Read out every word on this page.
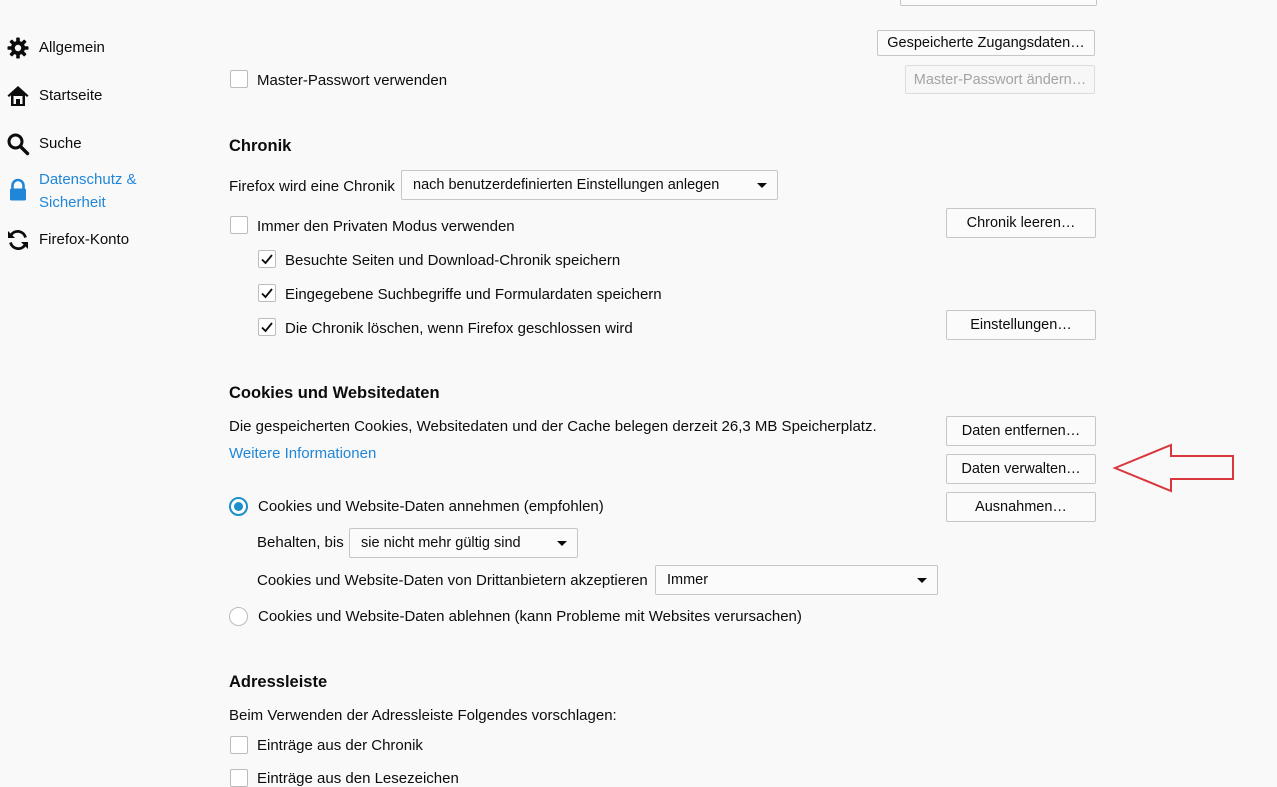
Allgemein
Startseite
Suche
Datenschutz &
Sicherheit
Firefox-Konto
Gespeicherte Zugangsdaten…
Master-Passwort verwenden	Master-Passwort ändern…
Chronik
Firefox wird eine Chronik	nach benutzerdefinierten Einstellungen anlegen
Immer den Privaten Modus verwenden	Chronik leeren…
Besuchte Seiten und Download-Chronik speichern
Eingegebene Suchbegriffe und Formulardaten speichern
Die Chronik löschen, wenn Firefox geschlossen wird	Einstellungen…
Cookies und Websitedaten
Die gespeicherten Cookies, Websitedaten und der Cache belegen derzeit 26,3 MB Speicherplatz.
Weitere Informationen
Daten entfernen…
Daten verwalten…
Ausnahmen…
Cookies und Website-Daten annehmen (empfohlen)
Behalten, bis	sie nicht mehr gültig sind
Cookies und Website-Daten von Drittanbietern akzeptieren	Immer
Cookies und Website-Daten ablehnen (kann Probleme mit Websites verursachen)
Adressleiste
Beim Verwenden der Adressleiste Folgendes vorschlagen:
Einträge aus der Chronik
Einträge aus den Lesezeichen
